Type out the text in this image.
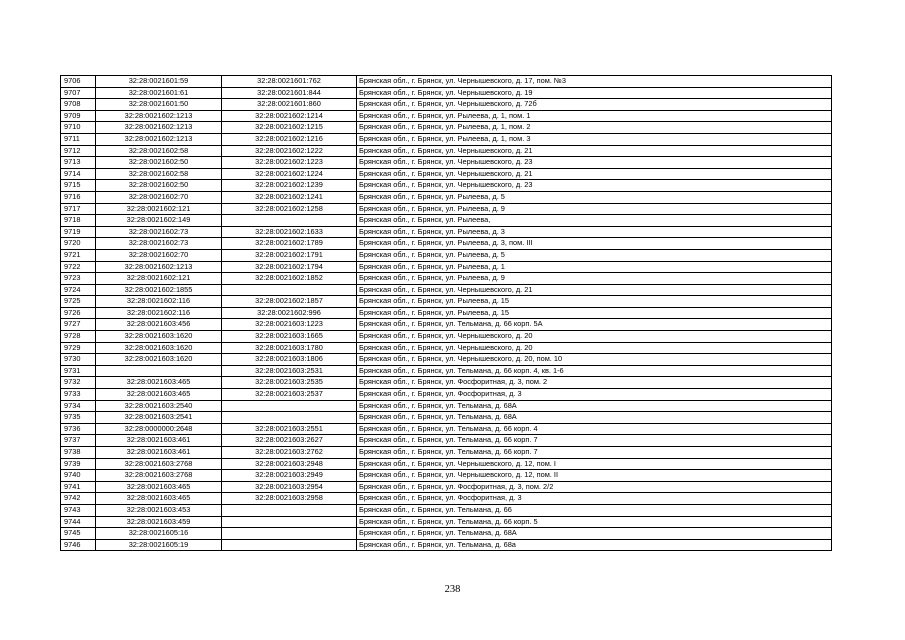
9706	32:28:0021601:59	32:28:0021601:762	Брянская обл., г. Брянск, ул. Чернышевского, д. 17, пом. №3
9707	32:28:0021601:61	32:28:0021601:844	Брянская обл., г. Брянск, ул. Чернышевского, д. 19
9708	32:28:0021601:50	32:28:0021601:860	Брянская обл., г. Брянск, ул. Чернышевского, д. 72б
9709	32:28:0021602:1213	32:28:0021602:1214	Брянская обл., г. Брянск, ул. Рылеева, д. 1, пом. 1
9710	32:28:0021602:1213	32:28:0021602:1215	Брянская обл., г. Брянск, ул. Рылеева, д. 1, пом. 2
9711	32:28:0021602:1213	32:28:0021602:1216	Брянская обл., г. Брянск, ул. Рылеева, д. 1, пом. 3
9712	32:28:0021602:58	32:28:0021602:1222	Брянская обл., г. Брянск, ул. Чернышевского, д. 21
9713	32:28:0021602:50	32:28:0021602:1223	Брянская обл., г. Брянск, ул. Чернышевского, д. 23
9714	32:28:0021602:58	32:28:0021602:1224	Брянская обл., г. Брянск, ул. Чернышевского, д. 21
9715	32:28:0021602:50	32:28:0021602:1239	Брянская обл., г. Брянск, ул. Чернышевского, д. 23
9716	32:28:0021602:70	32:28:0021602:1241	Брянская обл., г. Брянск, ул. Рылеева, д. 5
9717	32:28:0021602:121	32:28:0021602:1258	Брянская обл., г. Брянск, ул. Рылеева, д. 9
9718	32:28:0021602:149		Брянская обл., г. Брянск, ул. Рылеева,
9719	32:28:0021602:73	32:28:0021602:1633	Брянская обл., г. Брянск, ул. Рылеева, д. 3
9720	32:28:0021602:73	32:28:0021602:1789	Брянская обл., г. Брянск, ул. Рылеева, д. 3, пом. III
9721	32:28:0021602:70	32:28:0021602:1791	Брянская обл., г. Брянск, ул. Рылеева, д. 5
9722	32:28:0021602:1213	32:28:0021602:1794	Брянская обл., г. Брянск, ул. Рылеева, д. 1
9723	32:28:0021602:121	32:28:0021602:1852	Брянская обл., г. Брянск, ул. Рылеева, д. 9
9724	32:28:0021602:1855		Брянская обл., г. Брянск, ул. Чернышевского, д. 21
9725	32:28:0021602:116	32:28:0021602:1857	Брянская обл., г. Брянск, ул. Рылеева, д. 15
9726	32:28:0021602:116	32:28:0021602:996	Брянская обл., г. Брянск, ул. Рылеева, д. 15
9727	32:28:0021603:456	32:28:0021603:1223	Брянская обл., г. Брянск, ул. Тельмана, д. 66 корп. 5А
9728	32:28:0021603:1620	32:28:0021603:1665	Брянская обл., г. Брянск, ул. Чернышевского, д. 20
9729	32:28:0021603:1620	32:28:0021603:1780	Брянская обл., г. Брянск, ул. Чернышевского, д. 20
9730	32:28:0021603:1620	32:28:0021603:1806	Брянская обл., г. Брянск, ул. Чернышевского, д. 20, пом. 10
9731		32:28:0021603:2531	Брянская обл., г. Брянск, ул. Тельмана, д. 66 корп. 4, кв. 1-6
9732	32:28:0021603:465	32:28:0021603:2535	Брянская обл., г. Брянск, ул. Фосфоритная, д. 3, пом. 2
9733	32:28:0021603:465	32:28:0021603:2537	Брянская обл., г. Брянск, ул. Фосфоритная, д. 3
9734	32:28:0021603:2540		Брянская обл., г. Брянск, ул. Тельмана, д. 68А
9735	32:28:0021603:2541		Брянская обл., г. Брянск, ул. Тельмана, д. 68А
9736	32:28:0000000:2648	32:28:0021603:2551	Брянская обл., г. Брянск, ул. Тельмана, д. 66 корп. 4
9737	32:28:0021603:461	32:28:0021603:2627	Брянская обл., г. Брянск, ул. Тельмана, д. 66 корп. 7
9738	32:28:0021603:461	32:28:0021603:2762	Брянская обл., г. Брянск, ул. Тельмана, д. 66 корп. 7
9739	32:28:0021603:2768	32:28:0021603:2948	Брянская обл., г. Брянск, ул. Чернышевского, д. 12, пом. I
9740	32:28:0021603:2768	32:28:0021603:2949	Брянская обл., г. Брянск, ул. Чернышевского, д. 12, пом. II
9741	32:28:0021603:465	32:28:0021603:2954	Брянская обл., г. Брянск, ул. Фосфоритная, д. 3, пом. 2/2
9742	32:28:0021603:465	32:28:0021603:2958	Брянская обл., г. Брянск, ул. Фосфоритная, д. 3
9743	32:28:0021603:453		Брянская обл., г. Брянск, ул. Тельмана, д. 66
9744	32:28:0021603:459		Брянская обл., г. Брянск, ул. Тельмана, д. 66 корп. 5
9745	32:28:0021605:16		Брянская обл., г. Брянск, ул. Тельмана, д. 68А
9746	32:28:0021605:19		Брянская обл., г. Брянск, ул. Тельмана, д. 68а
238
